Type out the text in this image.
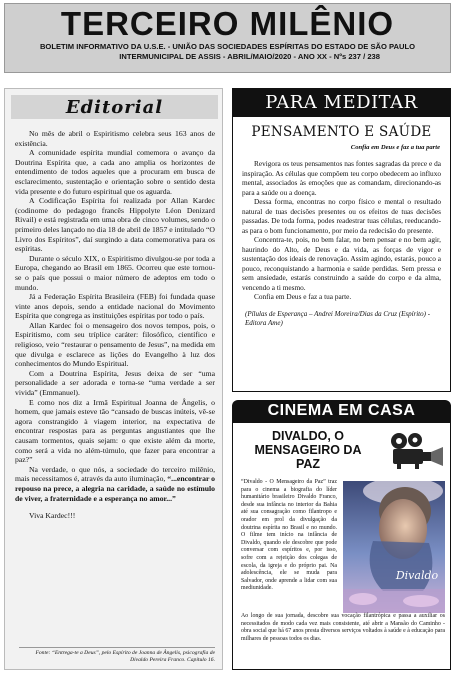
TERCEIRO MILÊNIO
BOLETIM INFORMATIVO DA U.S.E. - UNIÃO DAS SOCIEDADES ESPÍRITAS DO ESTADO DE SÃO PAULO
INTERMUNICIPAL DE ASSIS - ABRIL/MAIO/2020 - ANO XX - Nºs 237 / 238
Editorial

No mês de abril o Espiritismo celebra seus 163 anos de existência.

A comunidade espírita mundial comemora o avanço da Doutrina Espírita que, a cada ano amplia os horizontes de entendimento de todos aqueles que a procuram em busca de esclarecimento, sustentação e orientação sobre o sentido desta vida presente e do futuro espiritual que os aguarda.

A Codificação Espírita foi realizada por Allan Kardec (codinome do pedagogo francês Hippolyte Léon Denizard Rivail) e está registrada em uma obra de cinco volumes, sendo o primeiro deles lançado no dia 18 de abril de 1857 e intitulado “O Livro dos Espíritos”, daí surgindo a data comemorativa para os espíritas.

Durante o século XIX, o Espiritismo divulgou-se por toda a Europa, chegando ao Brasil em 1865. Ocorreu que este tornou-se o país que possui o maior número de adeptos em todo o mundo.

Já a Federação Espírita Brasileira (FEB) foi fundada quase vinte anos depois, sendo a entidade nacional do Movimento Espírita que congrega as instituições espíritas por todo o país.

Allan Kardec foi o mensageiro dos novos tempos, pois, o Espiritismo, com seu tríplice caráter: filosófico, científico e religioso, veio “restaurar o pensamento de Jesus”, na medida em que divulga e esclarece as lições do Evangelho à luz dos conhecimentos do Mundo Espiritual.

Com a Doutrina Espírita, Jesus deixa de ser “uma personalidade a ser adorada e torna-se “uma verdade a ser vivida” (Emmanuel).

E como nos diz a Irmã Espiritual Joanna de Ângelis, o homem, que jamais esteve tão “cansado de buscas inúteis, vê-se agora constrangido à viagem interior, na expectativa de encontrar respostas para as perguntas angustiantes que lhe causam tormentos, quais sejam: o que existe além da morte, como será a vida no além-túmulo, que fazer para encontrar a paz?”

Na verdade, o que nós, a sociedade do terceiro milênio, mais necessitamos é, através da auto iluminação, “...encontrar o repouso na prece, a alegria na caridade, a saúde no estímulo de viver, a fraternidade e a esperança no amor...”

Viva Kardec!!!

Fonte: “Entrega-te a Deus”, pelo Espírito de Joanna de Ângelis, psicografia de Divaldo Pereira Franco. Capítulo 16.
PARA MEDITAR
PENSAMENTO E SAÚDE
Confia em Deus e faz a tua parte

Revigora os teus pensamentos nas fontes sagradas da prece e da inspiração. As células que compõem teu corpo obedecem ao influxo mental, associados às emoções que as comandam, direcionando-as para a saúde ou a doença.

Dessa forma, encontras no corpo físico e mental o resultado natural de tuas decisões presentes ou os efeitos de tuas decisões passadas. De toda forma, podes readestrar tuas células, reeducando-as para o bom funcionamento, por meio da redecisão do presente.

Concentra-te, pois, no bem falar, no bem pensar e no bem agir, haurindo do Alto, de Deus e da vida, as forças de vigor e sustentação dos ideais de renovação. Assim agindo, estarás, pouco a pouco, reconquistando a harmonia e saúde perdidas. Sem pressa e sem ansiedade, estarás construindo a saúde do corpo e da alma, vencendo a ti mesmo.

Confia em Deus e faz a tua parte.

(Pílulas de Esperança – Andrei Moreira/Dias da Cruz (Espírito) - Editora Ame)
CINEMA EM CASA
DIVALDO, O MENSAGEIRO DA PAZ
“Divaldo - O Mensageiro da Paz” traz para o cinema a biografia do líder humanitário brasileiro Divaldo Franco, desde sua infância no interior da Bahia até sua consagração como filantropo e orador em prol da divulgação da doutrina espírita no Brasil e no mundo. O filme tem início na infância de Divaldo, quando ele descobre que pode conversar com espíritos e, por isso, sofre com a rejeição dos colegas de escola, da igreja e do próprio pai. Na adolescência, ele se muda para Salvador, onde aprende a lidar com sua mediunidade.
Divaldo
Ao longo de sua jornada, descobre sua vocação filantrópica e passa a auxiliar os necessitados de modo cada vez mais consistente, até abrir a Mansão do Caminho - obra social que há 67 anos presta diversos serviços voltados à saúde e à educação para milhares de pessoas todos os dias.
